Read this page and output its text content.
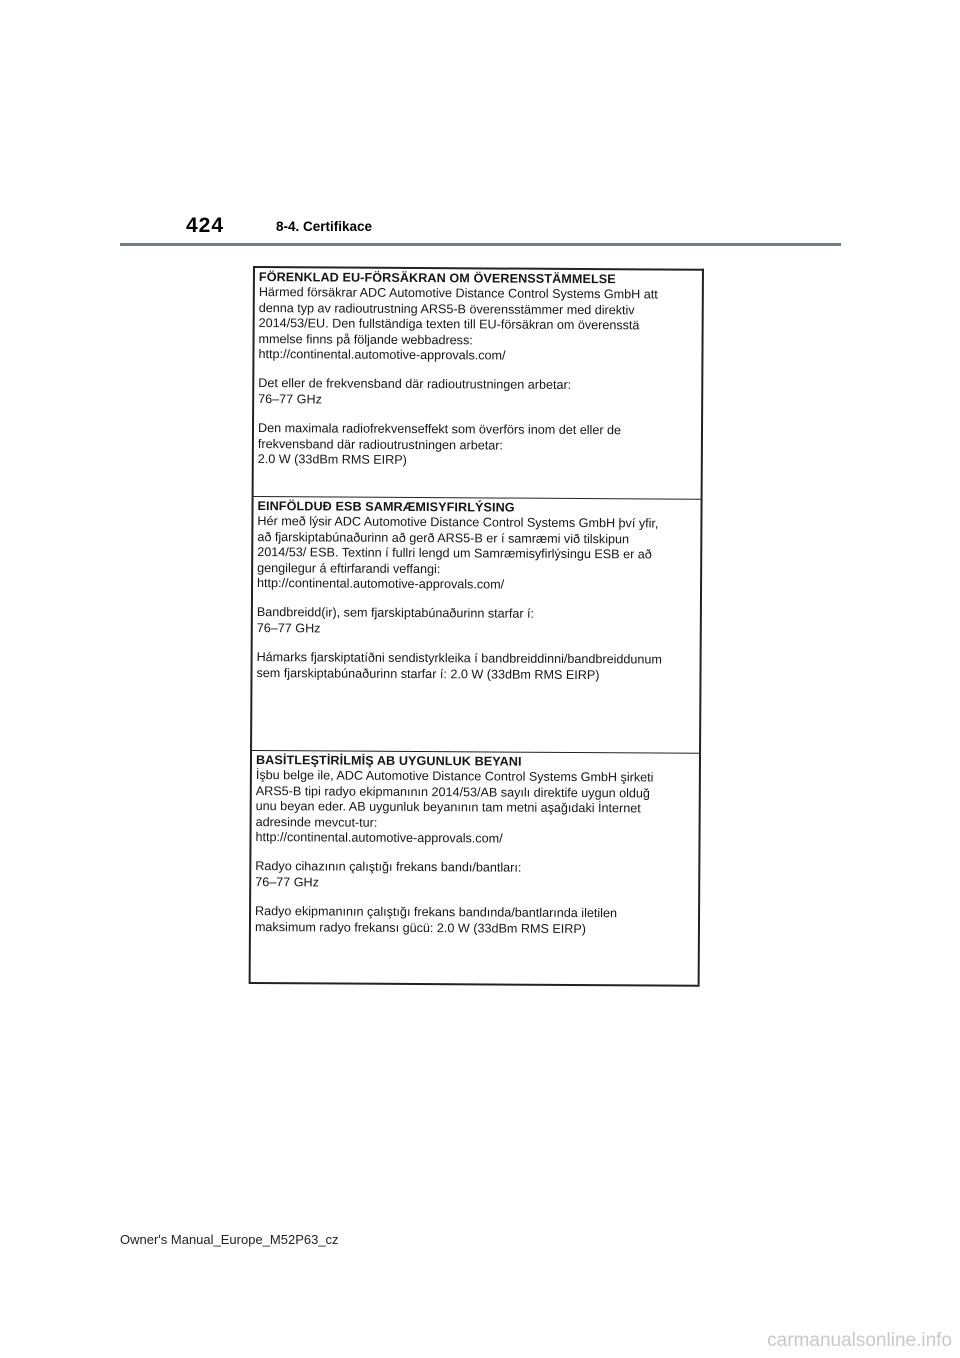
424	8-4. Certifikace
FÖRENKLAD EU-FÖRSÄKRAN OM ÖVERENSSTÄMMELSE

Härmed försäkrar ADC Automotive Distance Control Systems GmbH att

denna typ av radioutrustning ARS5-B överensstämmer med direktiv

2014/53/EU. Den fullständiga texten till EU-försäkran om överensstä

mmelse finns på följande webbadress:

http://continental.automotive-approvals.com/

Det eller de frekvensband där radioutrustningen arbetar:

76–77 GHz

Den maximala radiofrekvenseffekt som överförs inom det eller de

frekvensband där radioutrustningen arbetar:

2.0 W (33dBm RMS EIRP)

EINFÖLDUÐ ESB SAMRÆMISYFIRLÝSING

Hér með lýsir ADC Automotive Distance Control Systems GmbH því yfir,

að fjarskiptabúnaðurinn að gerð ARS5-B er í samræmi við tilskipun

2014/53/ ESB. Textinn í fullri lengd um Samræmisyfirlýsingu ESB er að

gengilegur á eftirfarandi veffangi:

http://continental.automotive-approvals.com/

Bandbreidd(ir), sem fjarskiptabúnaðurinn starfar í:

76–77 GHz

Hámarks fjarskiptatíðni sendistyrkleika í bandbreiddinni/bandbreiddunum

sem fjarskiptabúnaðurinn starfar í: 2.0 W (33dBm RMS EIRP)

BASİTLEŞTİRİLMİŞ AB UYGUNLUK BEYANI

İşbu belge ile, ADC Automotive Distance Control Systems GmbH şirketi

ARS5-B tipi radyo ekipmanının 2014/53/AB sayılı direktife uygun olduğ

unu beyan eder. AB uygunluk beyanının tam metni aşağıdaki İnternet

adresinde mevcut-tur:

http://continental.automotive-approvals.com/

Radyo cihazının çalıştığı frekans bandı/bantları:

76–77 GHz

Radyo ekipmanının çalıştığı frekans bandında/bantlarında iletilen

maksimum radyo frekansı gücü: 2.0 W (33dBm RMS EIRP)

Owner's Manual_Europe_M52P63_cz
carmanualsonline.info
